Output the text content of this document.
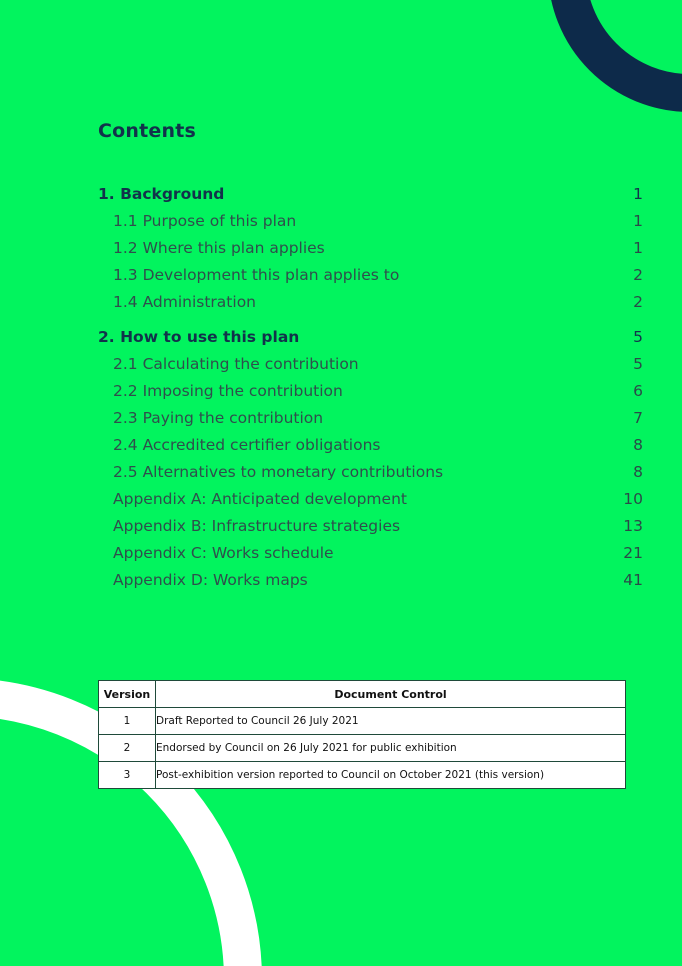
Contents
1. Background	1
1.1 Purpose of this plan	1
1.2 Where this plan applies	1
1.3 Development this plan applies to	2
1.4 Administration	2
2. How to use this plan	5
2.1 Calculating the contribution	5
2.2 Imposing the contribution	6
2.3 Paying the contribution	7
2.4 Accredited certifier obligations	8
2.5 Alternatives to monetary contributions	8
Appendix A: Anticipated development	10
Appendix B: Infrastructure strategies	13
Appendix C: Works schedule	21
Appendix D: Works maps	41
Version	Document Control
1	Draft Reported to Council 26 July 2021
2	Endorsed by Council on 26 July 2021 for public exhibition
3	Post-exhibition version reported to Council on October 2021 (this version)
